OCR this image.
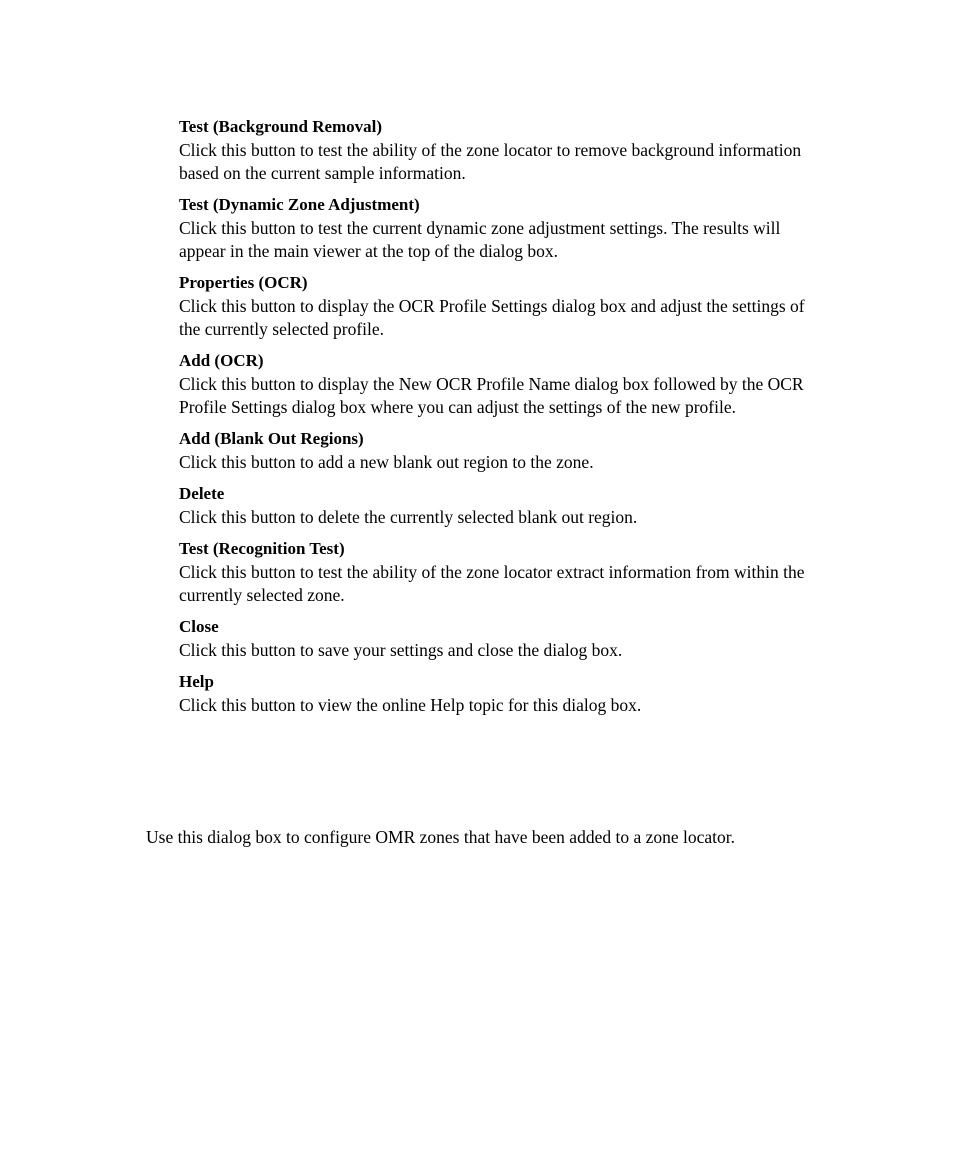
Test (Background Removal)

Click this button to test the ability of the zone locator to remove background information based on the current sample information.

Test (Dynamic Zone Adjustment)

Click this button to test the current dynamic zone adjustment settings. The results will appear in the main viewer at the top of the dialog box.

Properties (OCR)

Click this button to display the OCR Profile Settings dialog box and adjust the settings of the currently selected profile.

Add (OCR)

Click this button to display the New OCR Profile Name dialog box followed by the OCR Profile Settings dialog box where you can adjust the settings of the new profile.

Add (Blank Out Regions)

Click this button to add a new blank out region to the zone.

Delete

Click this button to delete the currently selected blank out region.

Test (Recognition Test)

Click this button to test the ability of the zone locator extract information from within the currently selected zone.

Close

Click this button to save your settings and close the dialog box.

Help

Click this button to view the online Help topic for this dialog box.

Use this dialog box to configure OMR zones that have been added to a zone locator.
